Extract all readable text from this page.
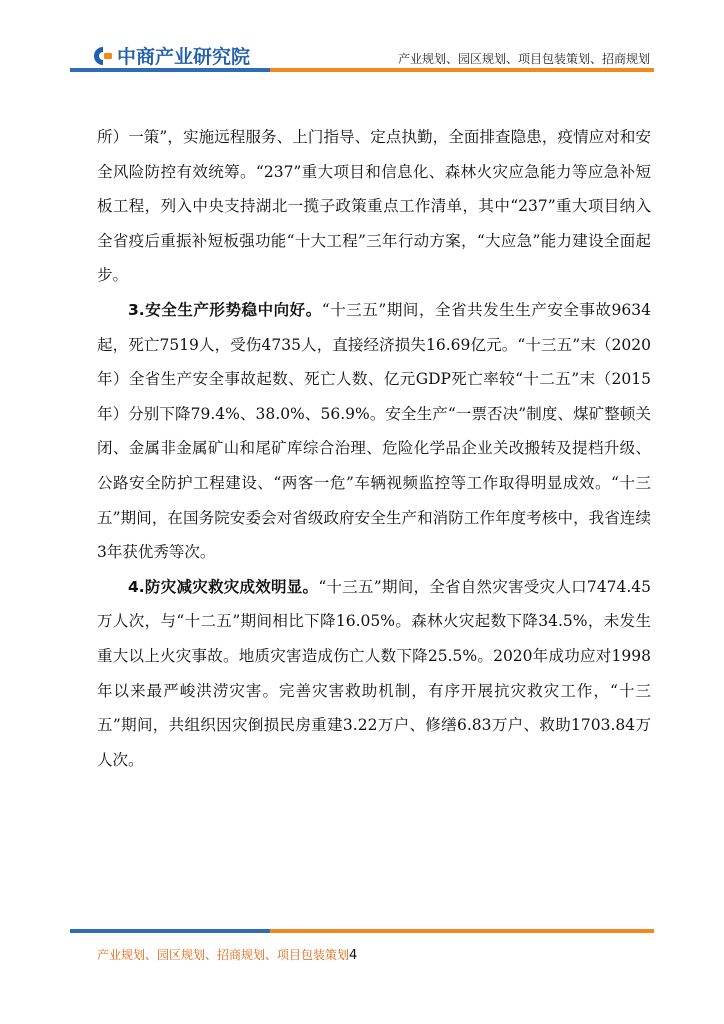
中商产业研究院	产业规划、园区规划、项目包装策划、招商规划

所）一策”，实施远程服务、上门指导、定点执勤，全面排查隐患，疫情应对和安全风险防控有效统筹。“237”重大项目和信息化、森林火灾应急能力等应急补短板工程，列入中央支持湖北一揽子政策重点工作清单，其中“237”重大项目纳入全省疫后重振补短板强功能“十大工程”三年行动方案，“大应急”能力建设全面起步。

3.安全生产形势稳中向好。“十三五”期间，全省共发生生产安全事故9634起，死亡7519人，受伤4735人，直接经济损失16.69亿元。“十三五”末（2020年）全省生产安全事故起数、死亡人数、亿元GDP死亡率较“十二五”末（2015年）分别下降79.4%、38.0%、56.9%。安全生产“一票否决”制度、煤矿整顿关闭、金属非金属矿山和尾矿库综合治理、危险化学品企业关改搬转及提档升级、公路安全防护工程建设、“两客一危”车辆视频监控等工作取得明显成效。“十三五”期间，在国务院安委会对省级政府安全生产和消防工作年度考核中，我省连续3年获优秀等次。

4.防灾减灾救灾成效明显。“十三五”期间，全省自然灾害受灾人口7474.45万人次，与“十二五”期间相比下降16.05%。森林火灾起数下降34.5%，未发生重大以上火灾事故。地质灾害造成伤亡人数下降25.5%。2020年成功应对1998年以来最严峻洪涝灾害。完善灾害救助机制，有序开展抗灾救灾工作，“十三五”期间，共组织因灾倒损民房重建3.22万户、修缮6.83万户、救助1703.84万人次。

产业规划、园区规划、招商规划、项目包装策划4
